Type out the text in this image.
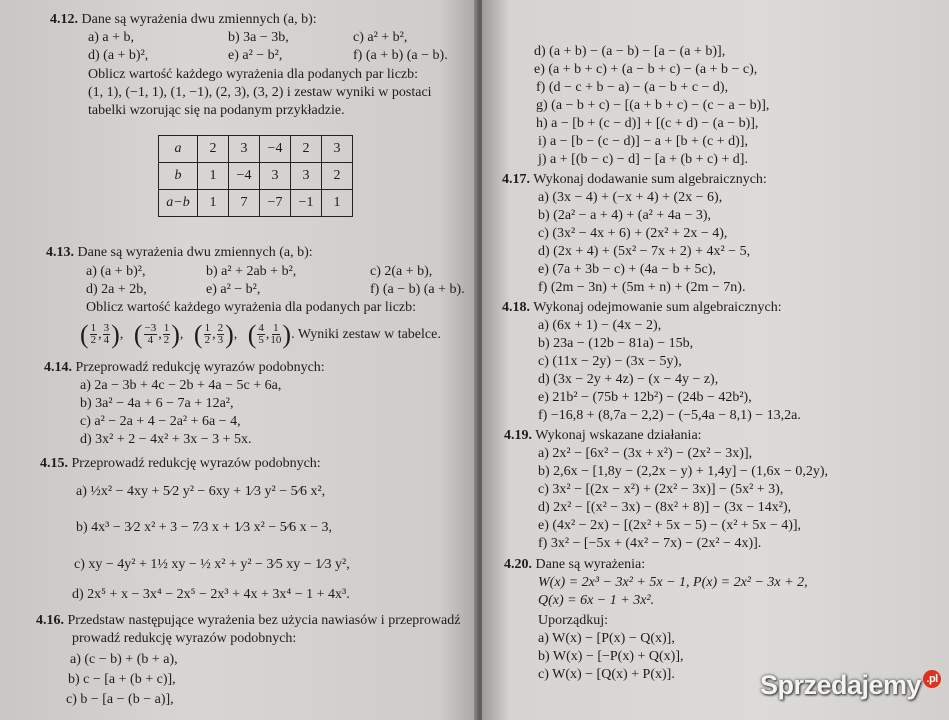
4.12. Dane są wyrażenia dwu zmiennych (a, b):
a) a + b,	b) 3a − 3b,	c) a² + b²,
d) (a + b)²,	e) a² − b²,	f) (a + b) (a − b).
Oblicz wartość każdego wyrażenia dla podanych par liczb:
(1, 1), (−1, 1), (1, −1), (2, 3), (3, 2) i zestaw wyniki w postaci
tabelki wzorując się na podanym przykładzie.
a	2	3	−4	2	3
b	1	−4	3	3	2
a−b	1	7	−7	−1	1
4.13. Dane są wyrażenia dwu zmiennych (a, b):
a) (a + b)²,	b) a² + 2ab + b²,	c) 2(a + b),
d) 2a + 2b,	e) a² − b²,	f) (a − b) (a + b).
Oblicz wartość każdego wyrażenia dla podanych par liczb:
( $\frac{1}{2}$ , $\frac{3}{4}$ ),   ( $\frac{-3}{4}$ , $\frac{1}{2}$ ),   ( $\frac{1}{2}$ , $\frac{2}{3}$ ),   ( $\frac{4}{5}$ , $\frac{1}{10}$ ). Wyniki zestaw w tabelce.
4.14. Przeprowadź redukcję wyrazów podobnych:
a) 2a − 3b + 4c − 2b + 4a − 5c + 6a,
b) 3a² − 4a + 6 − 7a + 12a²,
c) a² − 2a + 4 − 2a² + 6a − 4,
d) 3x² + 2 − 4x² + 3x − 3 + 5x.
4.15. Przeprowadź redukcję wyrazów podobnych:
a) ½x² − 4xy + 5⁄2 y² − 6xy + 1⁄3 y² − 5⁄6 x²,
b) 4x³ − 3⁄2 x² + 3 − 7⁄3 x + 1⁄3 x² − 5⁄6 x − 3,
c) xy − 4y² + 1½ xy − ½ x² + y² − 3⁄5 xy − 1⁄3 y²,
d) 2x⁵ + x − 3x⁴ − 2x⁵ − 2x³ + 4x + 3x⁴ − 1 + 4x³.
4.16. Przedstaw następujące wyrażenia bez użycia nawiasów i przeprowadź
prowadź redukcję wyrazów podobnych:
a) (c − b) + (b + a),
b) c − [a + (b + c)],
c) b − [a − (b − a)],
d) (a + b) − (a − b) − [a − (a + b)],
e) (a + b + c) + (a − b + c) − (a + b − c),
f) (d − c + b − a) − (a − b + c − d),
g) (a − b + c) − [(a + b + c) − (c − a − b)],
h) a − [b + (c − d)] + [(c + d) − (a − b)],
i) a − [b − (c − d)] − a + [b + (c + d)],
j) a + [(b − c) − d] − [a + (b + c) + d].
4.17. Wykonaj dodawanie sum algebraicznych:
a) (3x − 4) + (−x + 4) + (2x − 6),
b) (2a² − a + 4) + (a² + 4a − 3),
c) (3x² − 4x + 6) + (2x² + 2x − 4),
d) (2x + 4) + (5x² − 7x + 2) + 4x² − 5,
e) (7a + 3b − c) + (4a − b + 5c),
f) (2m − 3n) + (5m + n) + (2m − 7n).
4.18. Wykonaj odejmowanie sum algebraicznych:
a) (6x + 1) − (4x − 2),
b) 23a − (12b − 81a) − 15b,
c) (11x − 2y) − (3x − 5y),
d) (3x − 2y + 4z) − (x − 4y − z),
e) 21b² − (75b + 12b²) − (24b − 42b²),
f) −16,8 + (8,7a − 2,2) − (−5,4a − 8,1) − 13,2a.
4.19. Wykonaj wskazane działania:
a) 2x² − [6x² − (3x + x²) − (2x² − 3x)],
b) 2,6x − [1,8y − (2,2x − y) + 1,4y] − (1,6x − 0,2y),
c) 3x² − [(2x − x²) + (2x² − 3x)] − (5x² + 3),
d) 2x² − [(x² − 3x) − (8x² + 8)] − (3x − 14x²),
e) (4x² − 2x) − [(2x² + 5x − 5) − (x² + 5x − 4)],
f) 3x² − [−5x + (4x² − 7x) − (2x² − 4x)].
4.20. Dane są wyrażenia:
W(x) = 2x³ − 3x² + 5x − 1, P(x) = 2x² − 3x + 2,
Q(x) = 6x − 1 + 3x².
Uporządkuj:
a) W(x) − [P(x) − Q(x)],
b) W(x) − [−P(x) + Q(x)],
c) W(x) − [Q(x) + P(x)].	Sprzedajemy .pl
